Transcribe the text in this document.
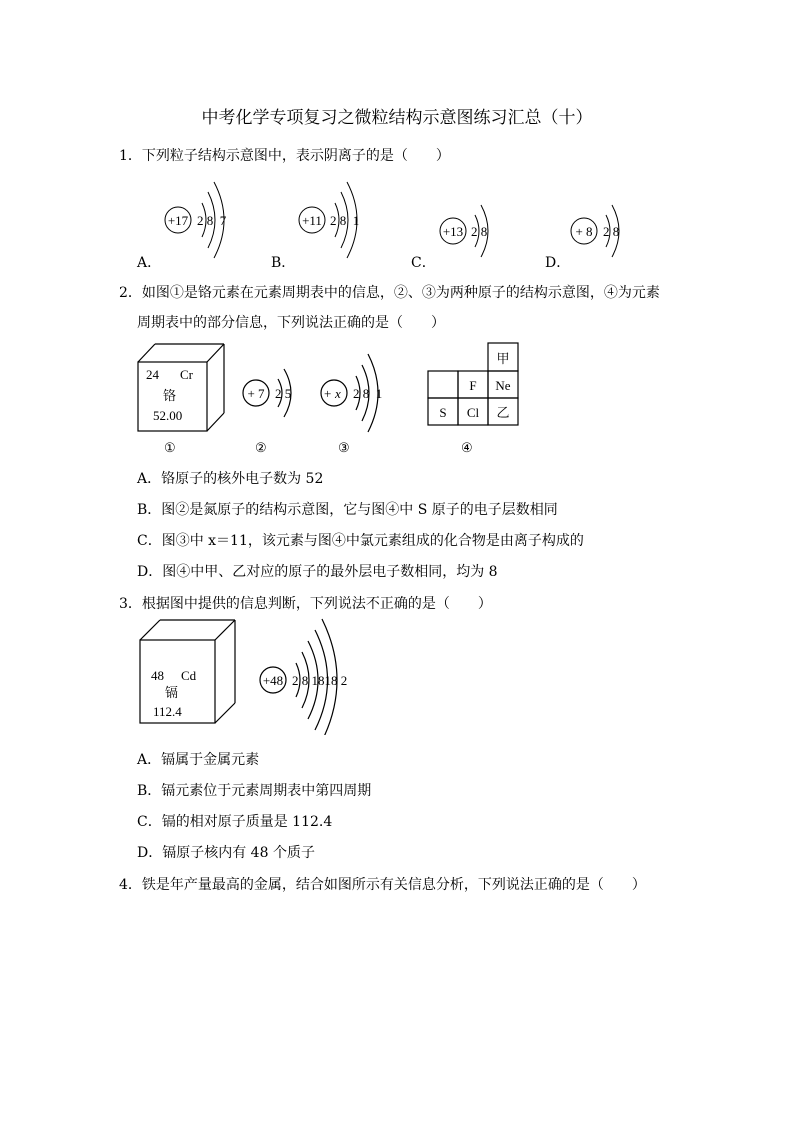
中考化学专项复习之微粒结构示意图练习汇总（十）
1．下列粒子结构示意图中，表示阴离子的是（　　）
+17 2 8  7	+11 2 8  1
+13 2 8	+ 8 2 8
A．	B．	C．	D．
2．如图①是铬元素在元素周期表中的信息，②、③为两种原子的结构示意图，④为元素
周期表中的部分信息，下列说法正确的是（　　）
24 Cr
铬
52.00
+ 7 2 5	+ x 2 8  1
甲
F Ne
S Cl 乙
①	②	③	④
A．铬原子的核外电子数为 52
B．图②是氮原子的结构示意图，它与图④中 S 原子的电子层数相同
C．图③中 x＝11，该元素与图④中氯元素组成的化合物是由离子构成的
D．图④中甲、乙对应的原子的最外层电子数相同，均为 8
3．根据图中提供的信息判断，下列说法不正确的是（　　）
48 Cd
镉
112.4
+48 2 8 1818 2
A．镉属于金属元素
B．镉元素位于元素周期表中第四周期
C．镉的相对原子质量是 112.4
D．镉原子核内有 48 个质子
4．铁是年产量最高的金属，结合如图所示有关信息分析，下列说法正确的是（　　）
